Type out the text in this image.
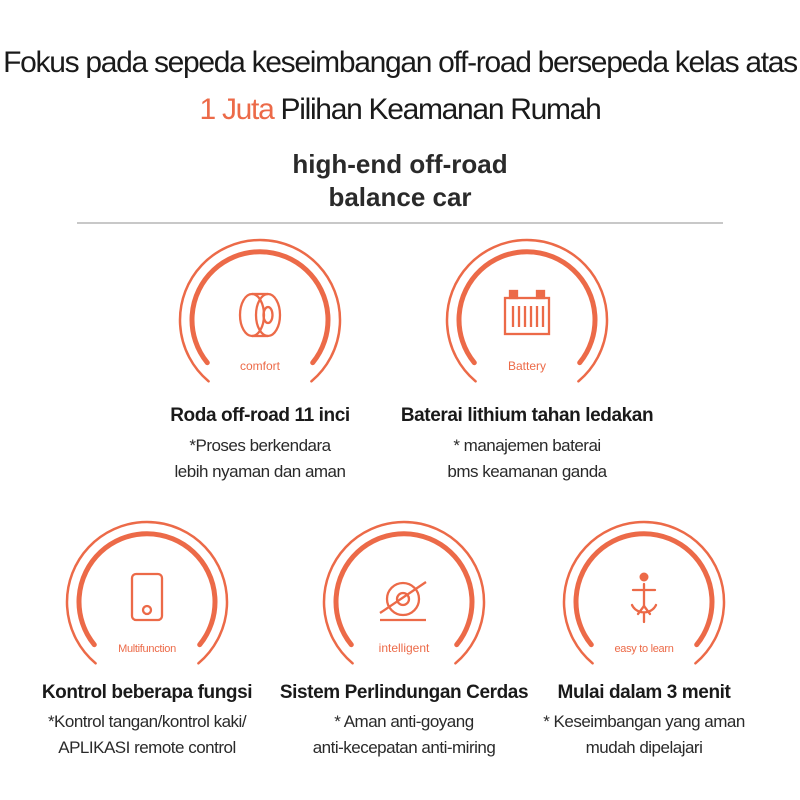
Fokus pada sepeda keseimbangan off-road bersepeda kelas atas
1 Juta Pilihan Keamanan Rumah
high-end off-road
balance car
comfort
Roda off-road 11 inci
*Proses berkendara
lebih nyaman dan aman
Battery
Baterai lithium tahan ledakan
* manajemen baterai
bms keamanan ganda
Multifunction
Kontrol beberapa fungsi
*Kontrol tangan/kontrol kaki/
APLIKASI remote control
intelligent
Sistem Perlindungan Cerdas
* Aman anti-goyang
anti-kecepatan anti-miring
easy to learn
Mulai dalam 3 menit
* Keseimbangan yang aman
mudah dipelajari
